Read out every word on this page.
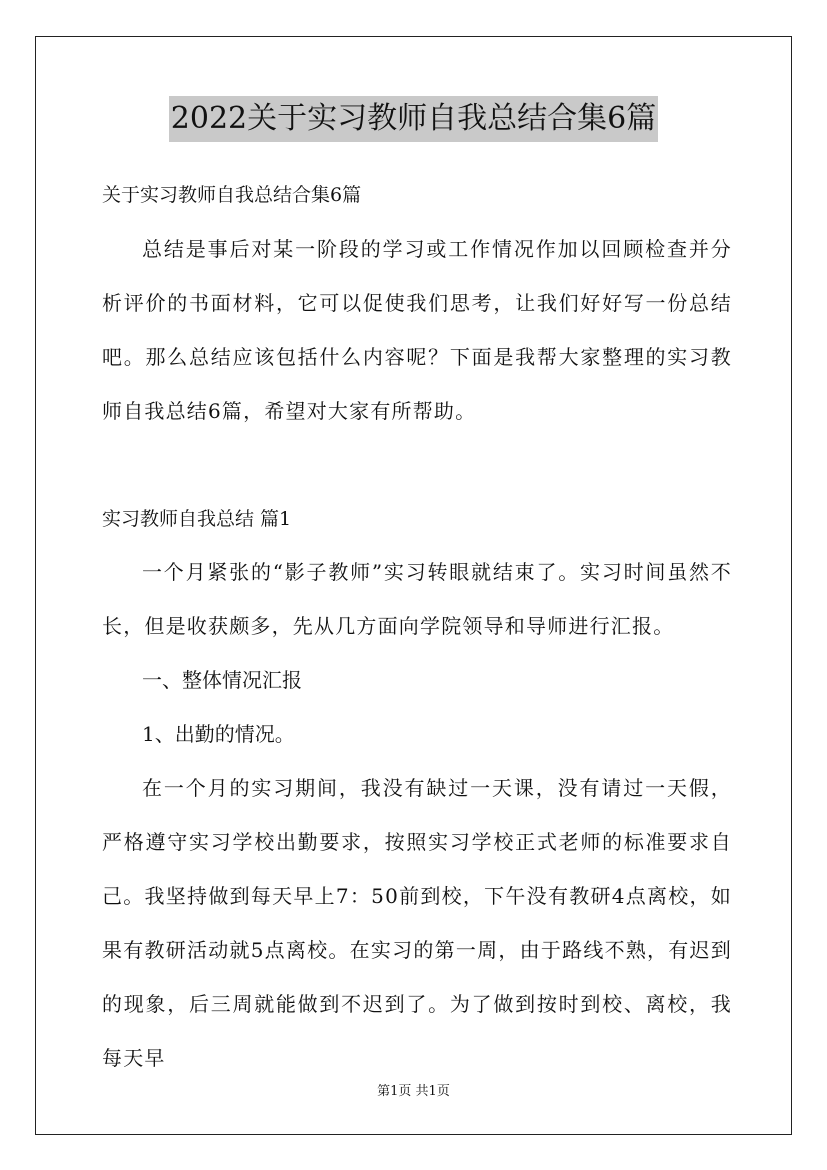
2022关于实习教师自我总结合集6篇

关于实习教师自我总结合集6篇

总结是事后对某一阶段的学习或工作情况作加以回顾检查并分析评价的书面材料，它可以促使我们思考，让我们好好写一份总结吧。那么总结应该包括什么内容呢？下面是我帮大家整理的实习教师自我总结6篇，希望对大家有所帮助。

实习教师自我总结 篇1

一个月紧张的“影子教师”实习转眼就结束了。实习时间虽然不长，但是收获颇多，先从几方面向学院领导和导师进行汇报。

一、整体情况汇报

1、出勤的情况。

在一个月的实习期间，我没有缺过一天课，没有请过一天假，严格遵守实习学校出勤要求，按照实习学校正式老师的标准要求自己。我坚持做到每天早上7：50前到校，下午没有教研4点离校，如果有教研活动就5点离校。在实习的第一周，由于路线不熟，有迟到的现象，后三周就能做到不迟到了。为了做到按时到校、离校，我每天早

第1页 共1页
